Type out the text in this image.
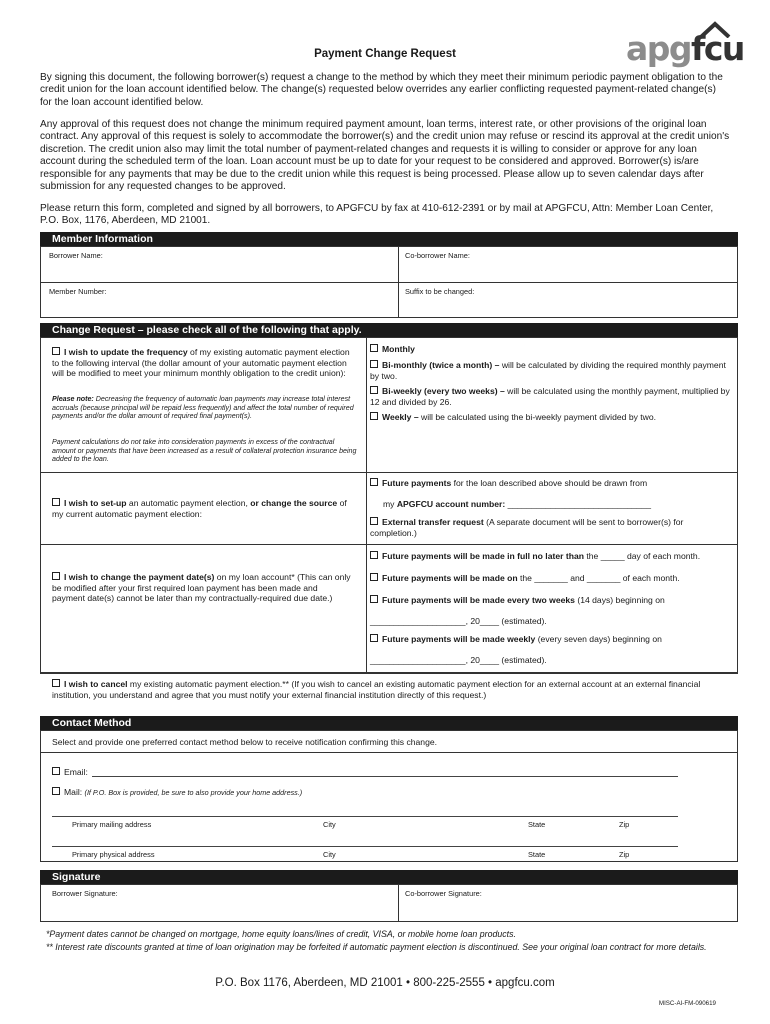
apgfcu
Payment Change Request
By signing this document, the following borrower(s) request a change to the method by which they meet their minimum periodic payment obligation to the credit union for the loan account identified below. The change(s) requested below overrides any earlier conflicting requested payment-related change(s) for the loan account identified below.
Any approval of this request does not change the minimum required payment amount, loan terms, interest rate, or other provisions of the original loan contract. Any approval of this request is solely to accommodate the borrower(s) and the credit union may refuse or rescind its approval at the credit union's discretion. The credit union also may limit the total number of payment-related changes and requests it is willing to consider or approve for any loan account during the scheduled term of the loan. Loan account must be up to date for your request to be considered and approved. Borrower(s) is/are responsible for any payments that may be due to the credit union while this request is being processed. Please allow up to seven calendar days after submission for any requested changes to be approved.
Please return this form, completed and signed by all borrowers, to APGFCU by fax at 410-612-2391 or by mail at APGFCU, Attn: Member Loan Center, P.O. Box, 1176, Aberdeen, MD 21001.
Member Information
Borrower Name:	Co-borrower Name:
Member Number:	Suffix to be changed:
Change Request – please check all of the following that apply.
I wish to update the frequency of my existing automatic payment election to the following interval (the dollar amount of your automatic payment election will be modified to meet your minimum monthly obligation to the credit union):
Please note: Decreasing the frequency of automatic loan payments may increase total interest accruals (because principal will be repaid less frequently) and affect the total number of required payments and/or the dollar amount of required final payment(s).
Payment calculations do not take into consideration payments in excess of the contractual amount or payments that have been increased as a result of collateral protection insurance being added to the loan.
Monthly
Bi-monthly (twice a month) – will be calculated by dividing the required monthly payment by two.
Bi-weekly (every two weeks) – will be calculated using the monthly payment, multiplied by 12 and divided by 26.
Weekly – will be calculated using the bi-weekly payment divided by two.
I wish to set-up an automatic payment election, or change the source of my current automatic payment election:
Future payments for the loan described above should be drawn from
my APGFCU account number: ______________________________
External transfer request (A separate document will be sent to borrower(s) for completion.)
I wish to change the payment date(s) on my loan account* (This can only be modified after your first required loan payment has been made and payment date(s) cannot be later than my contractually-required due date.)
Future payments will be made in full no later than the _____ day of each month.
Future payments will be made on the _______ and _______ of each month.
Future payments will be made every two weeks (14 days) beginning on
____________________, 20____ (estimated).
Future payments will be made weekly (every seven days) beginning on
____________________, 20____ (estimated).
I wish to cancel my existing automatic payment election.** (If you wish to cancel an existing automatic payment election for an external account at an external financial institution, you understand and agree that you must notify your external financial institution directly of this request.)
Contact Method
Select and provide one preferred contact method below to receive notification confirming this change.
Email:
Mail: (If P.O. Box is provided, be sure to also provide your home address.)
Primary mailing address	City	State	Zip
Primary physical address	City	State	Zip
Signature
Borrower Signature:	Co-borrower Signature:
*Payment dates cannot be changed on mortgage, home equity loans/lines of credit, VISA, or mobile home loan products.
** Interest rate discounts granted at time of loan origination may be forfeited if automatic payment election is discontinued. See your original loan contract for more details.
P.O. Box 1176, Aberdeen, MD 21001 • 800-225-2555 • apgfcu.com
MISC-AI-FM-090619
